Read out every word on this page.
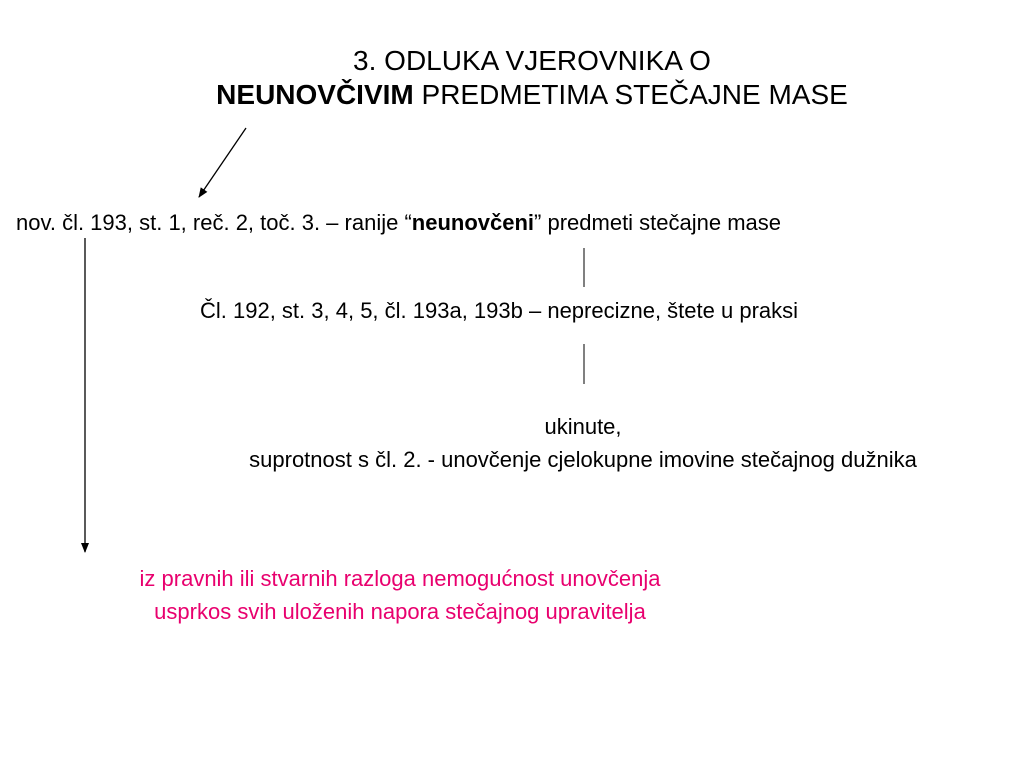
3. ODLUKA VJEROVNIKA O
NEUNOVČIVIM PREDMETIMA STEČAJNE MASE
nov. čl. 193, st. 1, reč. 2, toč. 3. – ranije “neunovčeni” predmeti stečajne mase
Čl. 192, st. 3, 4, 5, čl. 193a, 193b – neprecizne, štete u praksi
ukinute,
suprotnost s čl. 2. - unovčenje cjelokupne imovine stečajnog dužnika
iz pravnih ili stvarnih razloga nemogućnost unovčenja
usprkos svih uloženih napora stečajnog upravitelja
